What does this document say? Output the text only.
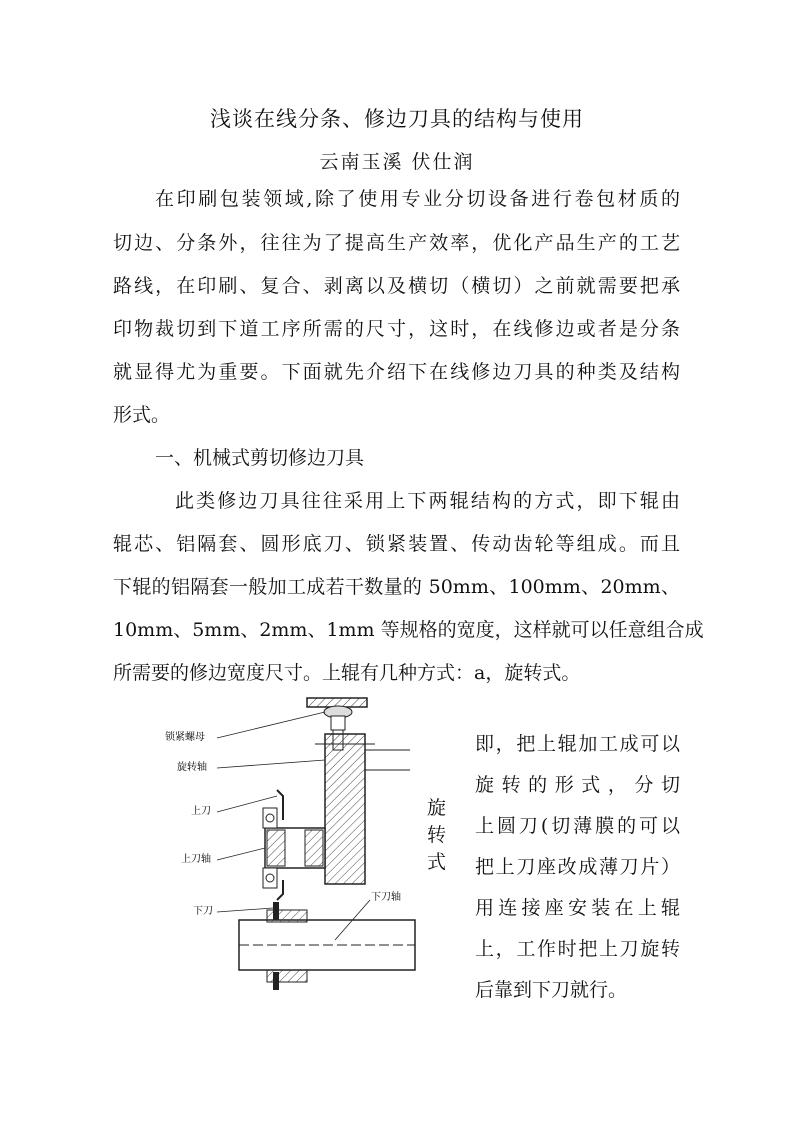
浅谈在线分条、修边刀具的结构与使用
云南玉溪 伏仕润
在印刷包装领域,除了使用专业分切设备进行卷包材质的
切边、分条外，往往为了提高生产效率，优化产品生产的工艺
路线，在印刷、复合、剥离以及横切（横切）之前就需要把承
印物裁切到下道工序所需的尺寸，这时，在线修边或者是分条
就显得尤为重要。下面就先介绍下在线修边刀具的种类及结构
形式。
一、机械式剪切修边刀具
此类修边刀具往往采用上下两辊结构的方式，即下辊由
辊芯、铝隔套、圆形底刀、锁紧装置、传动齿轮等组成。而且
下辊的铝隔套一般加工成若干数量的 50mm、100mm、20mm、
10mm、5mm、2mm、1mm 等规格的宽度，这样就可以任意组合成
所需要的修边宽度尺寸。上辊有几种方式：a，旋转式。
锁紧螺母
旋转轴
上刀
上刀轴
下刀
下刀轴
旋
转
式
即，把上辊加工成可以
旋 转 的 形 式 ， 分 切
上圆刀(切薄膜的可以
把上刀座改成薄刀片）
用连接座安装在上辊
上，工作时把上刀旋转
后靠到下刀就行。
